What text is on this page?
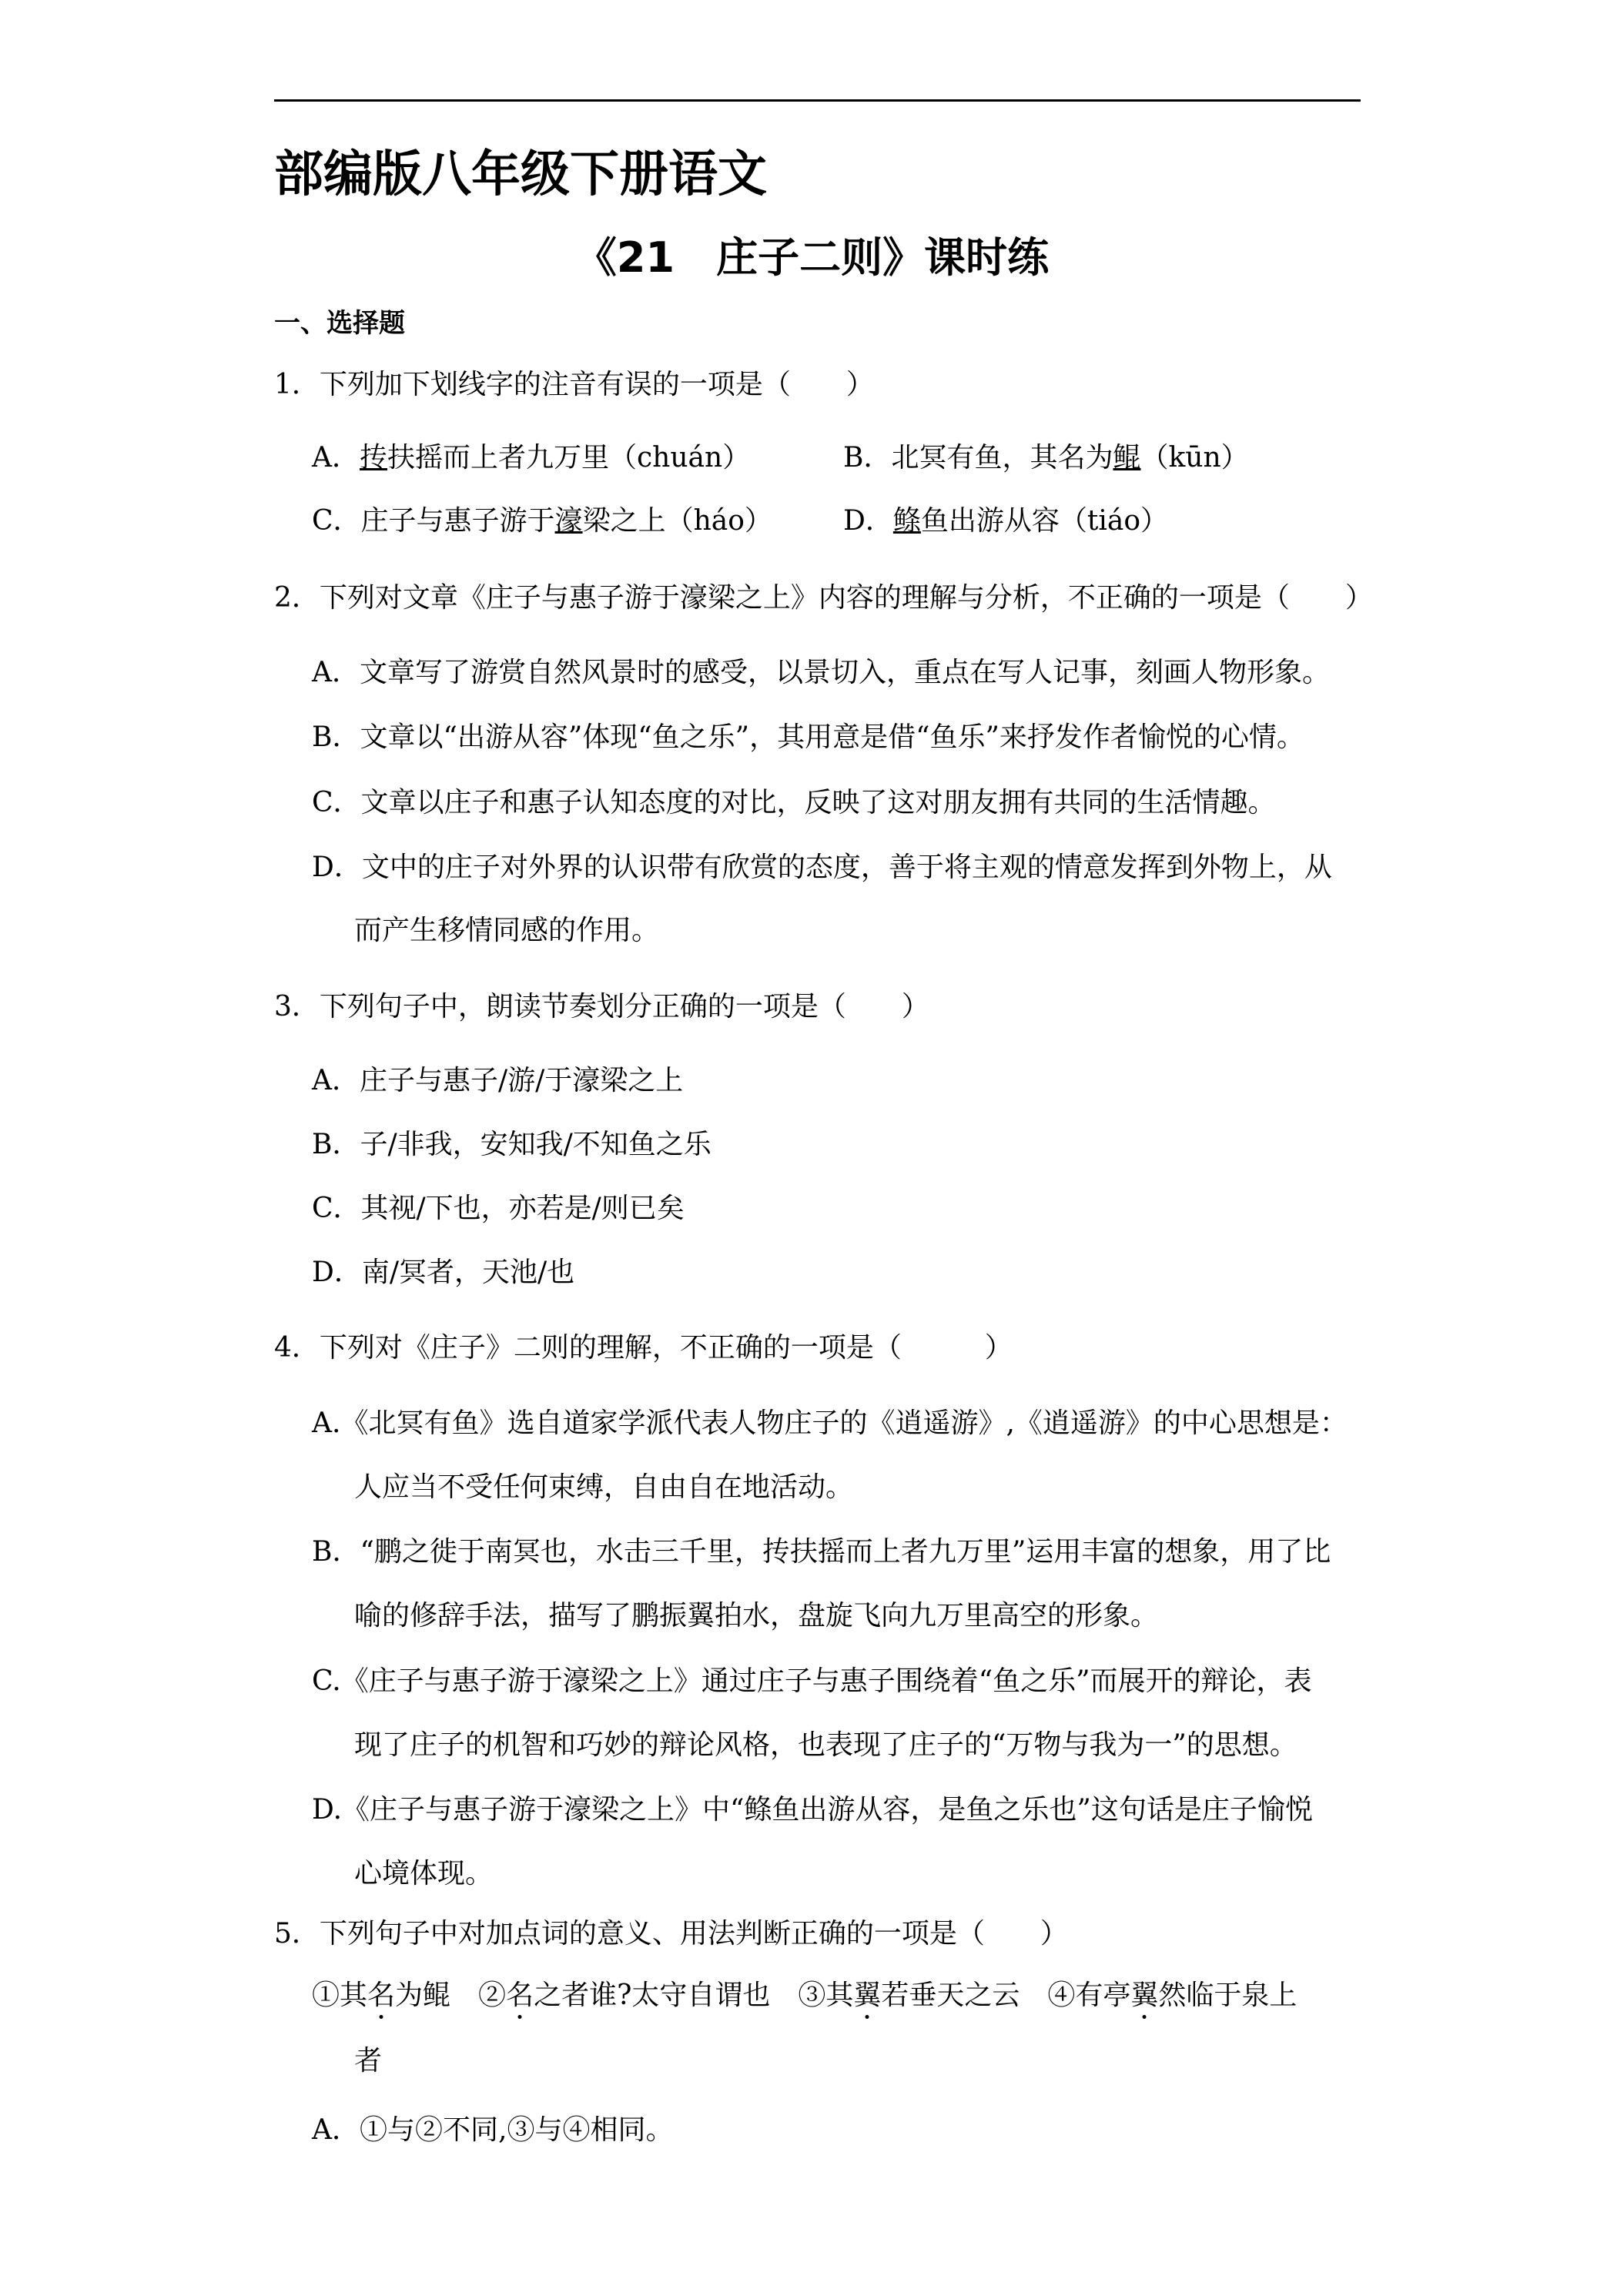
部编版八年级下册语文
《21　庄子二则》课时练
一、选择题
1．下列加下划线字的注音有误的一项是（　　）
A．抟扶摇而上者九万里（chuán）	B．北冥有鱼，其名为鲲（kūn）
C．庄子与惠子游于濠梁之上（háo）	D．鲦鱼出游从容（tiáo）
2．下列对文章《庄子与惠子游于濠梁之上》内容的理解与分析，不正确的一项是（　　）
A．文章写了游赏自然风景时的感受，以景切入，重点在写人记事，刻画人物形象。
B．文章以“出游从容”体现“鱼之乐”，其用意是借“鱼乐”来抒发作者愉悦的心情。
C．文章以庄子和惠子认知态度的对比，反映了这对朋友拥有共同的生活情趣。
D．文中的庄子对外界的认识带有欣赏的态度，善于将主观的情意发挥到外物上，从
而产生移情同感的作用。
3．下列句子中，朗读节奏划分正确的一项是（　　）
A．庄子与惠子/游/于濠梁之上
B．子/非我，安知我/不知鱼之乐
C．其视/下也，亦若是/则已矣
D．南/冥者，天池/也
4．下列对《庄子》二则的理解，不正确的一项是（　　　）
A.《北冥有鱼》选自道家学派代表人物庄子的《逍遥游》,《逍遥游》的中心思想是：
人应当不受任何束缚，自由自在地活动。
B．“鹏之徙于南冥也，水击三千里，抟扶摇而上者九万里”运用丰富的想象，用了比
喻的修辞手法，描写了鹏振翼拍水，盘旋飞向九万里高空的形象。
C.《庄子与惠子游于濠梁之上》通过庄子与惠子围绕着“鱼之乐”而展开的辩论，表
现了庄子的机智和巧妙的辩论风格，也表现了庄子的“万物与我为一”的思想。
D.《庄子与惠子游于濠梁之上》中“鲦鱼出游从容，是鱼之乐也”这句话是庄子愉悦
心境体现。
5．下列句子中对加点词的意义、用法判断正确的一项是（　　）
①其名为鲲　②名之者谁?太守自谓也　③其翼若垂天之云　④有亭翼然临于泉上
者
A．①与②不同,③与④相同。
